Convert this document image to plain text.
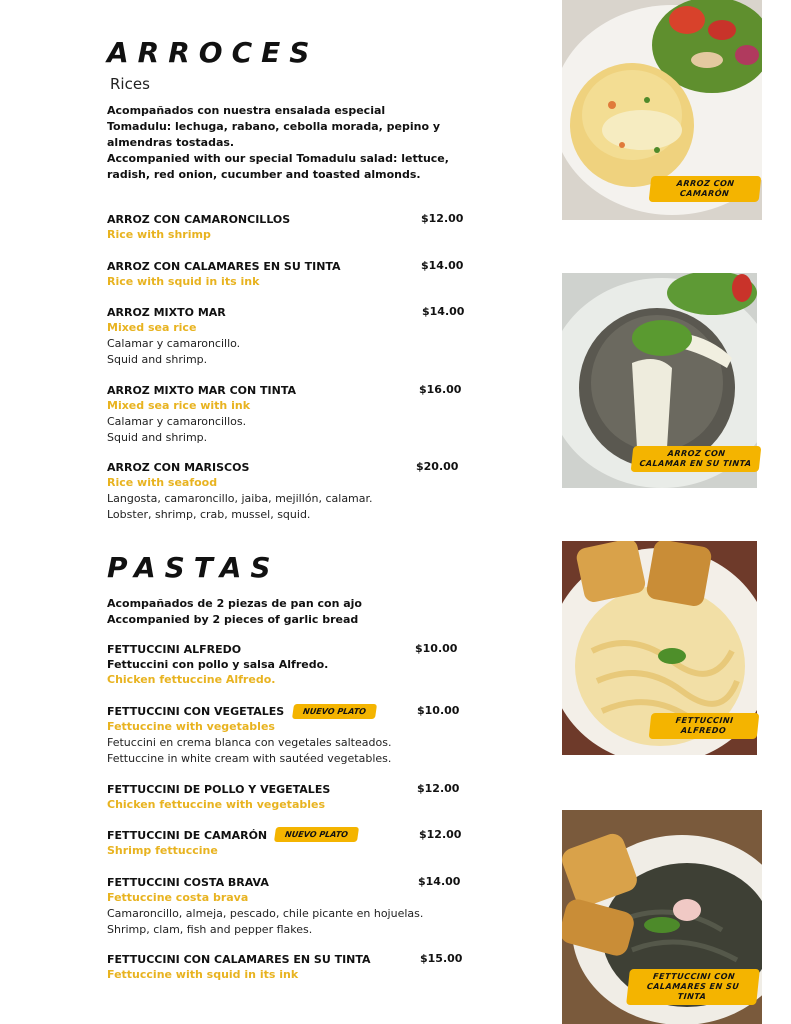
ARROCES
Rices
Acompañados con nuestra ensalada especial Tomadulu: lechuga, rabano, cebolla morada, pepino y almendras tostadas.
Accompanied with our special Tomadulu salad: lettuce, radish, red onion, cucumber and toasted almonds.
ARROZ CON CAMARONCILLOS
Rice with shrimp
$12.00
ARROZ CON CALAMARES EN SU TINTA
Rice with squid in its ink
$14.00
ARROZ MIXTO MAR
Mixed sea rice
Calamar y camaroncillo.
Squid and shrimp.
$14.00
ARROZ MIXTO MAR CON TINTA
Mixed sea rice with ink
Calamar y camaroncillos.
Squid and shrimp.
$16.00
ARROZ CON MARISCOS
Rice with seafood
Langosta, camaroncillo, jaiba, mejillón, calamar.
Lobster, shrimp, crab, mussel, squid.
$20.00
PASTAS
Acompañados de 2 piezas de pan con ajo
Accompanied by 2 pieces of garlic bread
FETTUCCINI ALFREDO
Fettuccini con pollo y salsa Alfredo.
Chicken fettuccine Alfredo.
$10.00
FETTUCCINI CON VEGETALES
Fettuccine with vegetables
Fetuccini en crema blanca con vegetales salteados.
Fettuccine in white cream with sautéed vegetables.
NUEVO PLATO	$10.00
FETTUCCINI DE POLLO Y VEGETALES
Chicken fettuccine with vegetables
$12.00
FETTUCCINI DE CAMARÓN
Shrimp fettuccine
NUEVO PLATO	$12.00
FETTUCCINI COSTA BRAVA
Fettuccine costa brava
Camaroncillo, almeja, pescado, chile picante en hojuelas.
Shrimp, clam, fish and pepper flakes.
$14.00
FETTUCCINI CON CALAMARES EN SU TINTA
Fettuccine with squid in its ink
$15.00
ARROZ CON
CAMARÓN
ARROZ CON
CALAMAR EN SU TINTA
FETTUCCINI
ALFREDO
FETTUCCINI CON
CALAMARES EN SU TINTA
